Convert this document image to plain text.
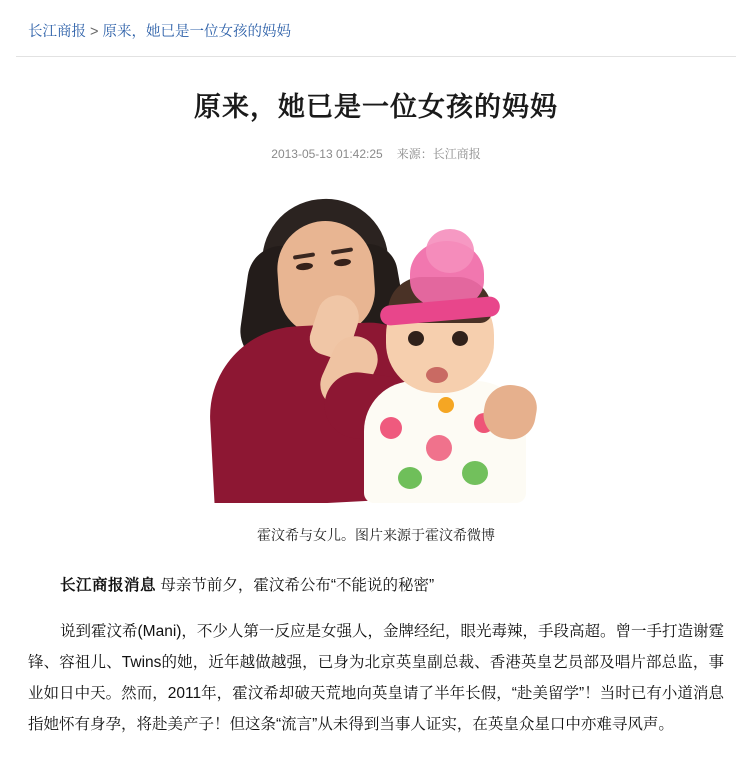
长江商报 > 原来，她已是一位女孩的妈妈
原来，她已是一位女孩的妈妈
2013-05-13 01:42:25 来源：长江商报
霍汶希与女儿。图片来源于霍汶希微博

长江商报消息 母亲节前夕，霍汶希公布“不能说的秘密”

说到霍汶希(Mani)，不少人第一反应是女强人，金牌经纪，眼光毒辣，手段高超。曾一手打造谢霆锋、容祖儿、Twins的她，近年越做越强，已身为北京英皇副总裁、香港英皇艺员部及唱片部总监，事业如日中天。然而，2011年，霍汶希却破天荒地向英皇请了半年长假，“赴美留学”！当时已有小道消息指她怀有身孕，将赴美产子！但这条“流言”从未得到当事人证实，在英皇众星口中亦难寻风声。
